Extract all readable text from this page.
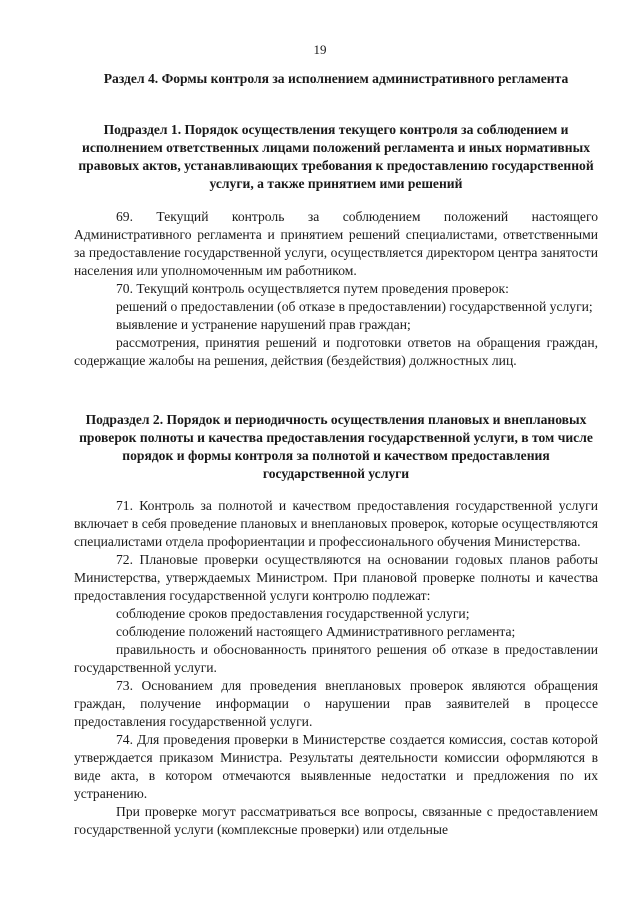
19
Раздел 4. Формы контроля за исполнением административного регламента
Подраздел 1. Порядок осуществления текущего контроля за соблюдением и исполнением ответственных лицами положений регламента и иных нормативных правовых актов, устанавливающих требования к предоставлению государственной услуги, а также принятием ими решений

69. Текущий контроль за соблюдением положений настоящего Административного регламента и принятием решений специалистами, ответственными за предоставление государственной услуги, осуществляется директором центра занятости населения или уполномоченным им работником.

70. Текущий контроль осуществляется путем проведения проверок:

решений о предоставлении (об отказе в предоставлении) государственной услуги;

выявление и устранение нарушений прав граждан;

рассмотрения, принятия решений и подготовки ответов на обращения граждан, содержащие жалобы на решения, действия (бездействия) должностных лиц.

Подраздел 2. Порядок и периодичность осуществления плановых и внеплановых проверок полноты и качества предоставления государственной услуги, в том числе порядок и формы контроля за полнотой и качеством предоставления государственной услуги

71. Контроль за полнотой и качеством предоставления государственной услуги включает в себя проведение плановых и внеплановых проверок, которые осуществляются специалистами отдела профориентации и профессионального обучения Министерства.

72. Плановые проверки осуществляются на основании годовых планов работы Министерства, утверждаемых Министром. При плановой проверке полноты и качества предоставления государственной услуги контролю подлежат:

соблюдение сроков предоставления государственной услуги;

соблюдение положений настоящего Административного регламента;

правильность и обоснованность принятого решения об отказе в предоставлении государственной услуги.

73. Основанием для проведения внеплановых проверок являются обращения граждан, получение информации о нарушении прав заявителей в процессе предоставления государственной услуги.

74. Для проведения проверки в Министерстве создается комиссия, состав которой утверждается приказом Министра. Результаты деятельности комиссии оформляются в виде акта, в котором отмечаются выявленные недостатки и предложения по их устранению.

При проверке могут рассматриваться все вопросы, связанные с предоставлением государственной услуги (комплексные проверки) или отдельные
